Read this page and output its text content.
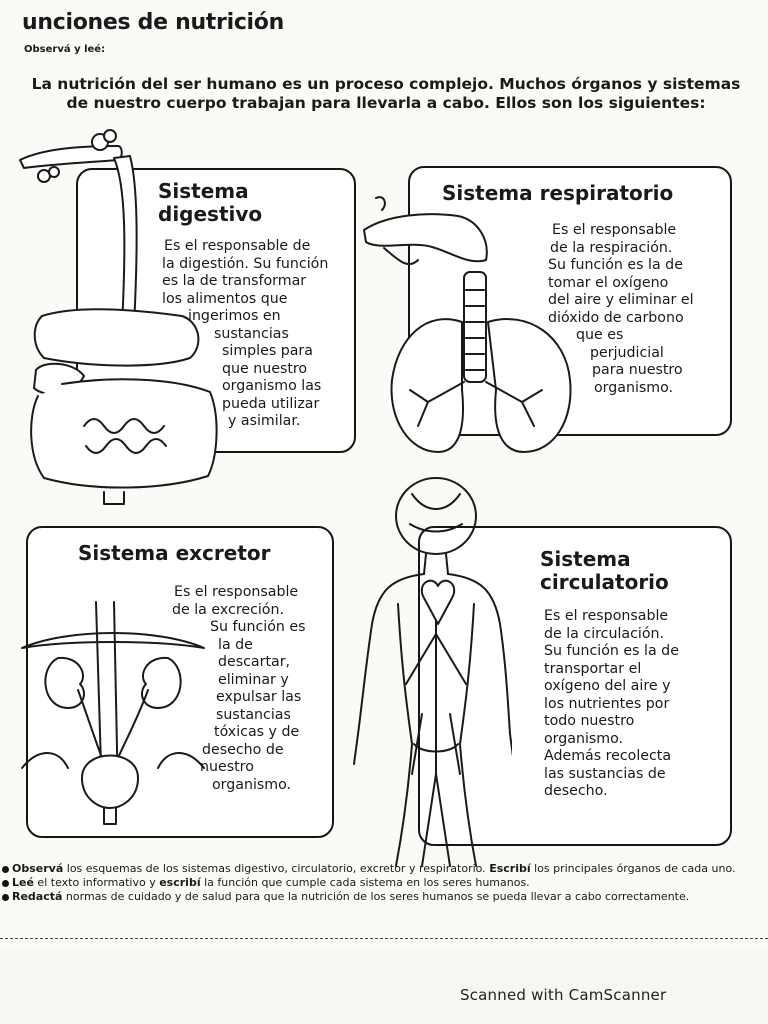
unciones de nutrición
Observá y leé:
La nutrición del ser humano es un proceso complejo. Muchos órganos y sistemas
de nuestro cuerpo trabajan para llevarla a cabo. Ellos son los siguientes:
Sistema
digestivo
Es el responsable de
la digestión. Su función
es la de transformar
los alimentos que
ingerimos en
sustancias
simples para
que nuestro
organismo las
pueda utilizar
y asimilar.
Sistema respiratorio
Es el responsable
de la respiración.
Su función es la de
tomar el oxígeno
del aire y eliminar el
dióxido de carbono
que es
perjudicial
para nuestro
organismo.
Sistema excretor
Es el responsable
de la excreción.
Su función es
la de
descartar,
eliminar y
expulsar las
sustancias
tóxicas y de
desecho de
nuestro
organismo.
Sistema
circulatorio
Es el responsable
de la circulación.
Su función es la de
transportar el
oxígeno del aire y
los nutrientes por
todo nuestro
organismo.
Además recolecta
las sustancias de
desecho.
Observá los esquemas de los sistemas digestivo, circulatorio, excretor y respiratorio. Escribí los principales órganos de cada uno.
Leé el texto informativo y escribí la función que cumple cada sistema en los seres humanos.
Redactá normas de cuidado y de salud para que la nutrición de los seres humanos se pueda llevar a cabo correctamente.
Scanned with CamScanner
